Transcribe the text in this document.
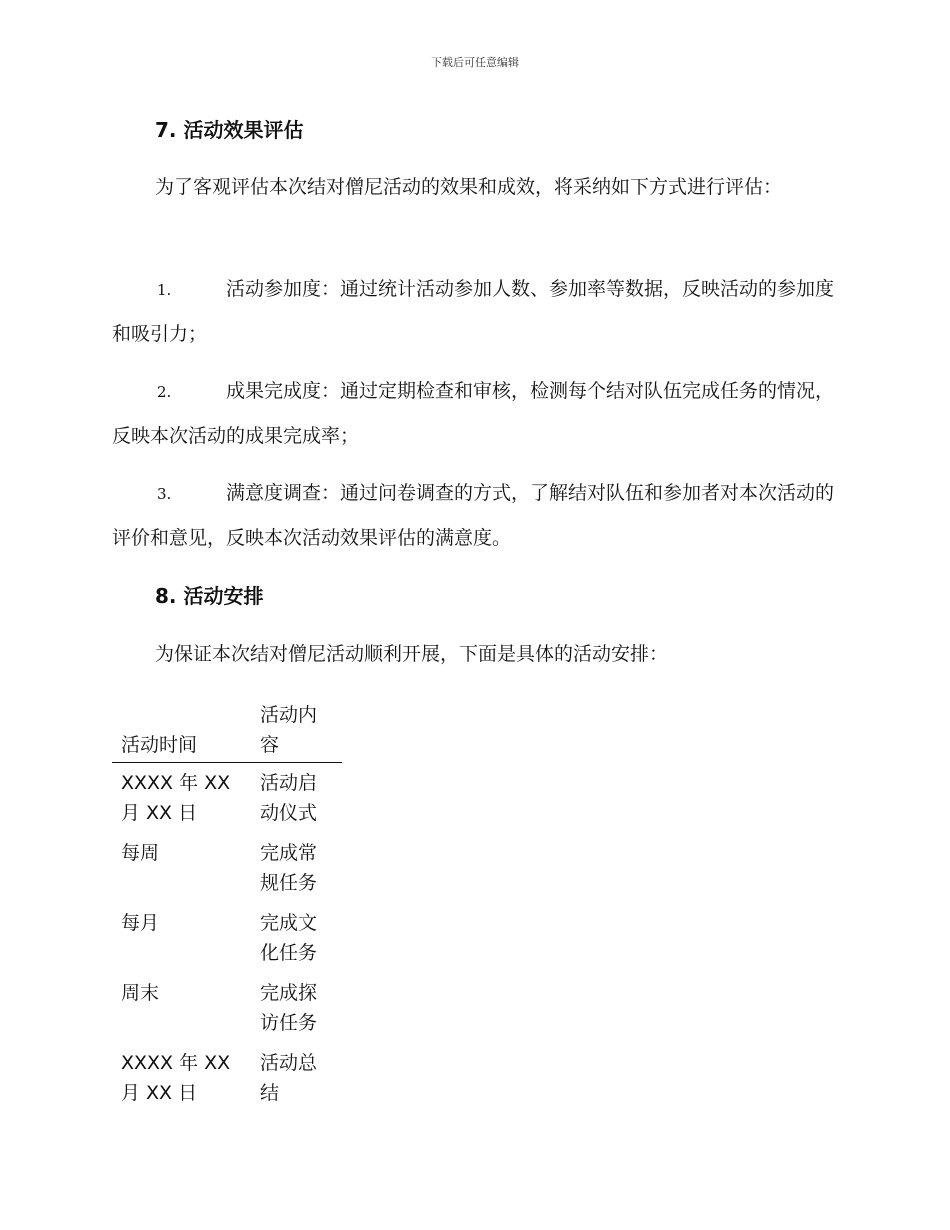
下载后可任意编辑
7. 活动效果评估

为了客观评估本次结对僧尼活动的效果和成效，将采纳如下方式进行评估：

1.	活动参加度：通过统计活动参加人数、参加率等数据，反映活动的参加度和吸引力；

2.	成果完成度：通过定期检查和审核，检测每个结对队伍完成任务的情况，反映本次活动的成果完成率；

3.	满意度调查：通过问卷调查的方式，了解结对队伍和参加者对本次活动的评价和意见，反映本次活动效果评估的满意度。

8. 活动安排

为保证本次结对僧尼活动顺利开展，下面是具体的活动安排：

活动时间	活动内容
XXXX 年 XX 月 XX 日	活动启动仪式
每周	完成常规任务
每月	完成文化任务
周末	完成探访任务
XXXX 年 XX 月 XX 日	活动总结
